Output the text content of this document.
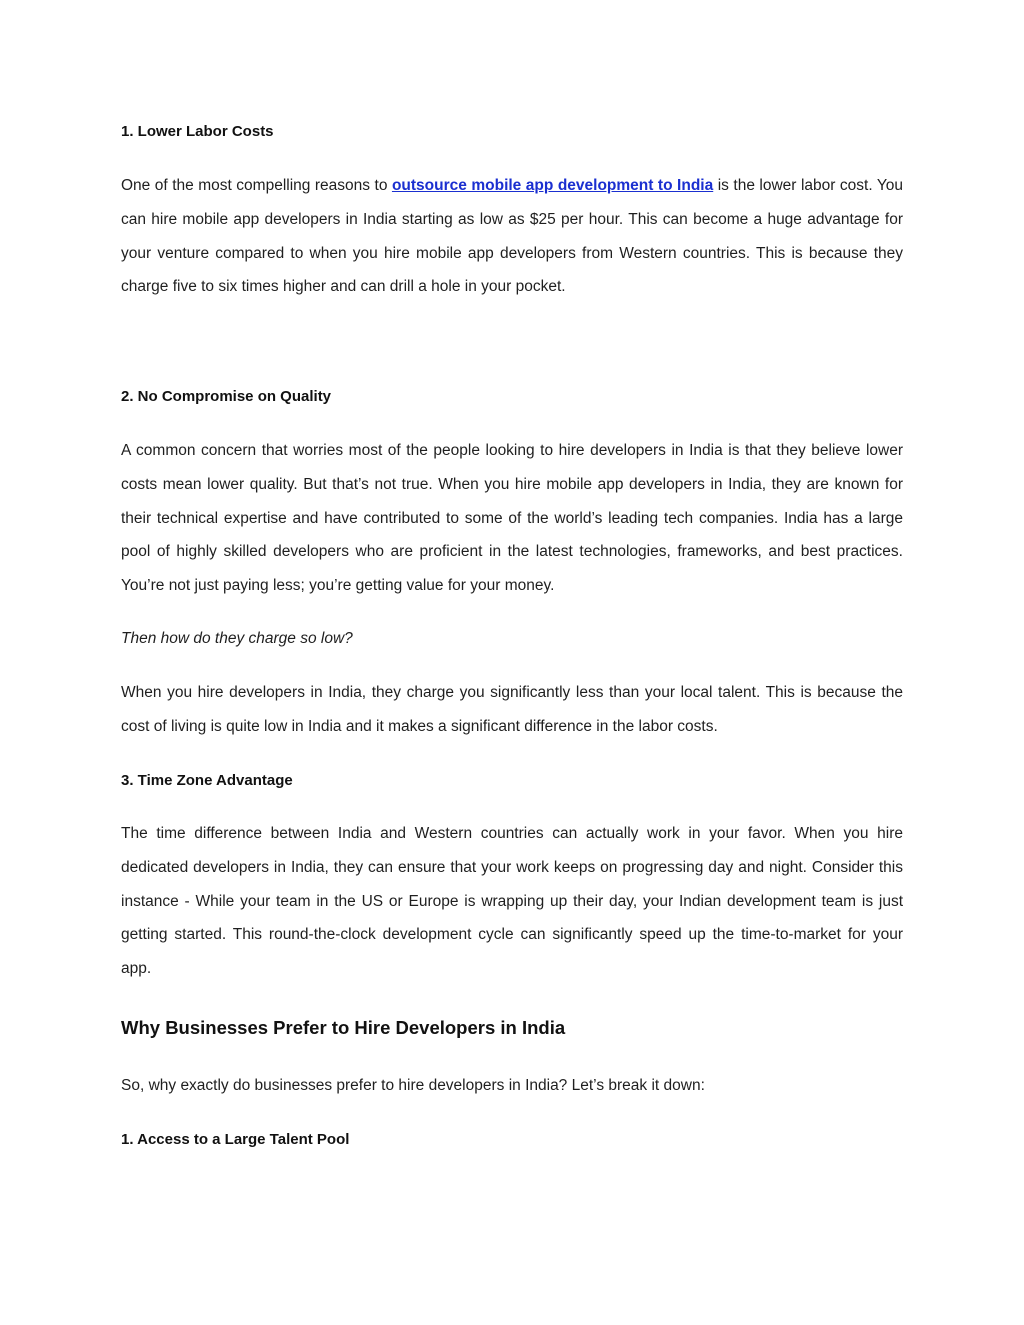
1. Lower Labor Costs

One of the most compelling reasons to outsource mobile app development to India is the lower labor cost. You can hire mobile app developers in India starting as low as $25 per hour. This can become a huge advantage for your venture compared to when you hire mobile app developers from Western countries. This is because they charge five to six times higher and can drill a hole in your pocket.

2. No Compromise on Quality

A common concern that worries most of the people looking to hire developers in India is that they believe lower costs mean lower quality. But that’s not true. When you hire mobile app developers in India, they are known for their technical expertise and have contributed to some of the world’s leading tech companies. India has a large pool of highly skilled developers who are proficient in the latest technologies, frameworks, and best practices. You’re not just paying less; you’re getting value for your money.

Then how do they charge so low?

When you hire developers in India, they charge you significantly less than your local talent. This is because the cost of living is quite low in India and it makes a significant difference in the labor costs.

3. Time Zone Advantage

The time difference between India and Western countries can actually work in your favor. When you hire dedicated developers in India, they can ensure that your work keeps on progressing day and night. Consider this instance - While your team in the US or Europe is wrapping up their day, your Indian development team is just getting started. This round-the-clock development cycle can significantly speed up the time-to-market for your app.

Why Businesses Prefer to Hire Developers in India

So, why exactly do businesses prefer to hire developers in India? Let’s break it down:

1. Access to a Large Talent Pool
